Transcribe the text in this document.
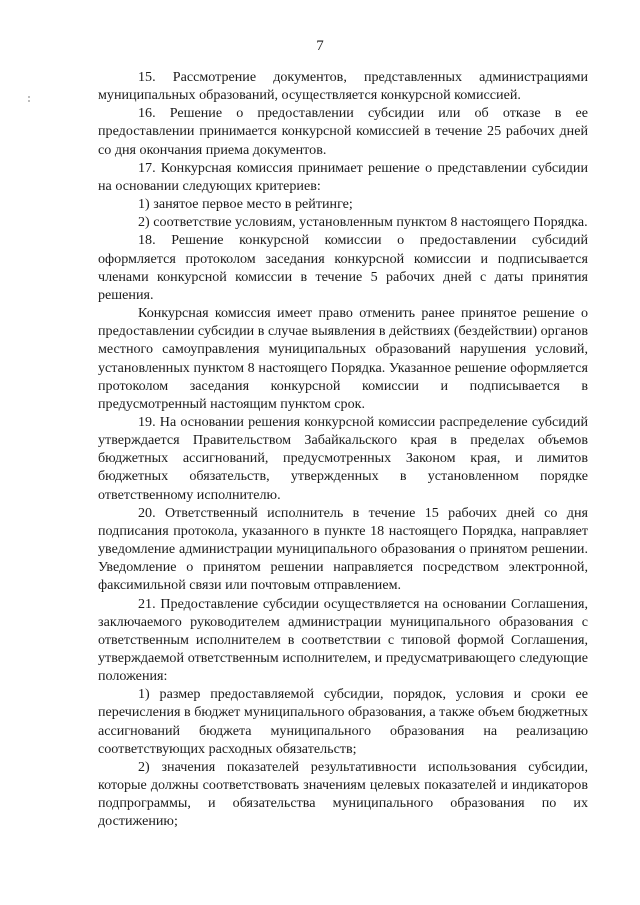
7

15. Рассмотрение документов, представленных администрациями муниципальных образований, осуществляется конкурсной комиссией.

16. Решение о предоставлении субсидии или об отказе в ее предоставлении принимается конкурсной комиссией в течение 25 рабочих дней со дня окончания приема документов.

17. Конкурсная комиссия принимает решение о представлении субсидии на основании следующих критериев:

1) занятое первое место в рейтинге;

2) соответствие условиям, установленным пунктом 8 настоящего Порядка.

18. Решение конкурсной комиссии о предоставлении субсидий оформляется протоколом заседания конкурсной комиссии и подписывается членами конкурсной комиссии в течение 5 рабочих дней с даты принятия решения.

Конкурсная комиссия имеет право отменить ранее принятое решение о предоставлении субсидии в случае выявления в действиях (бездействии) органов местного самоуправления муниципальных образований нарушения условий, установленных пунктом 8 настоящего Порядка. Указанное решение оформляется протоколом заседания конкурсной комиссии и подписывается в предусмотренный настоящим пунктом срок.

19. На основании решения конкурсной комиссии распределение субсидий утверждается Правительством Забайкальского края в пределах объемов бюджетных ассигнований, предусмотренных Законом края, и лимитов бюджетных обязательств, утвержденных в установленном порядке ответственному исполнителю.

20. Ответственный исполнитель в течение 15 рабочих дней со дня подписания протокола, указанного в пункте 18 настоящего Порядка, направляет уведомление администрации муниципального образования о принятом решении. Уведомление о принятом решении направляется посредством электронной, факсимильной связи или почтовым отправлением.

21. Предоставление субсидии осуществляется на основании Соглашения, заключаемого руководителем администрации муниципального образования с ответственным исполнителем в соответствии с типовой формой Соглашения, утверждаемой ответственным исполнителем, и предусматривающего следующие положения:

1) размер предоставляемой субсидии, порядок, условия и сроки ее перечисления в бюджет муниципального образования, а также объем бюджетных ассигнований бюджета муниципального образования на реализацию соответствующих расходных обязательств;

2) значения показателей результативности использования субсидии, которые должны соответствовать значениям целевых показателей и индикаторов подпрограммы, и обязательства муниципального образования по их достижению;
